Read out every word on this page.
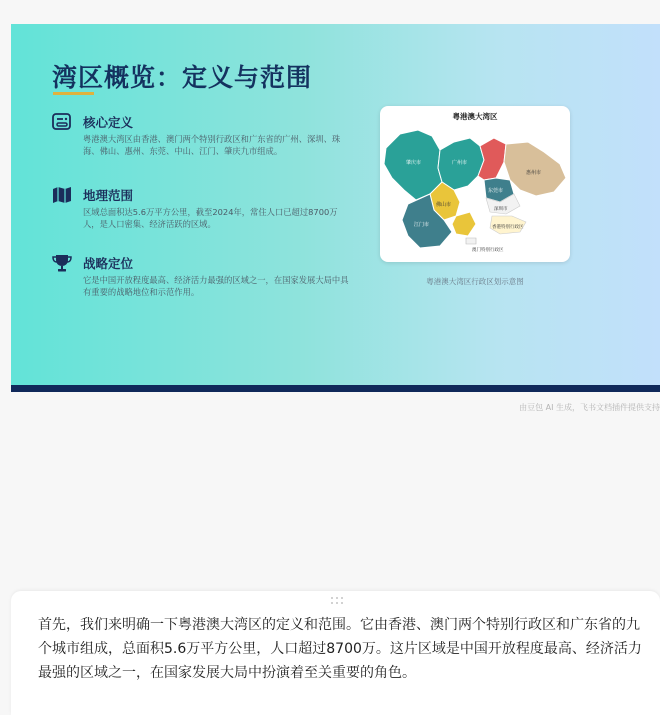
湾区概览：定义与范围
核心定义
粤港澳大湾区由香港、澳门两个特别行政区和广东省的广州、深圳、珠海、佛山、惠州、东莞、中山、江门、肇庆九市组成。
地理范围
区域总面积达5.6万平方公里，截至2024年，常住人口已超过8700万人，是人口密集、经济活跃的区域。
战略定位
它是中国开放程度最高、经济活力最强的区域之一，在国家发展大局中具有重要的战略地位和示范作用。
粤港澳大湾区
肇庆市	广州市
惠州市
佛山市
东莞市
江门市
深圳市
香港特别行政区
澳门特别行政区
粤港澳大湾区行政区划示意图
由豆包 AI 生成，飞书文档插件提供支持
首先，我们来明确一下粤港澳大湾区的定义和范围。它由香港、澳门两个特别行政区和广东省的九个城市组成，总面积5.6万平方公里，人口超过8700万。这片区域是中国开放程度最高、经济活力最强的区域之一，在国家发展大局中扮演着至关重要的角色。
